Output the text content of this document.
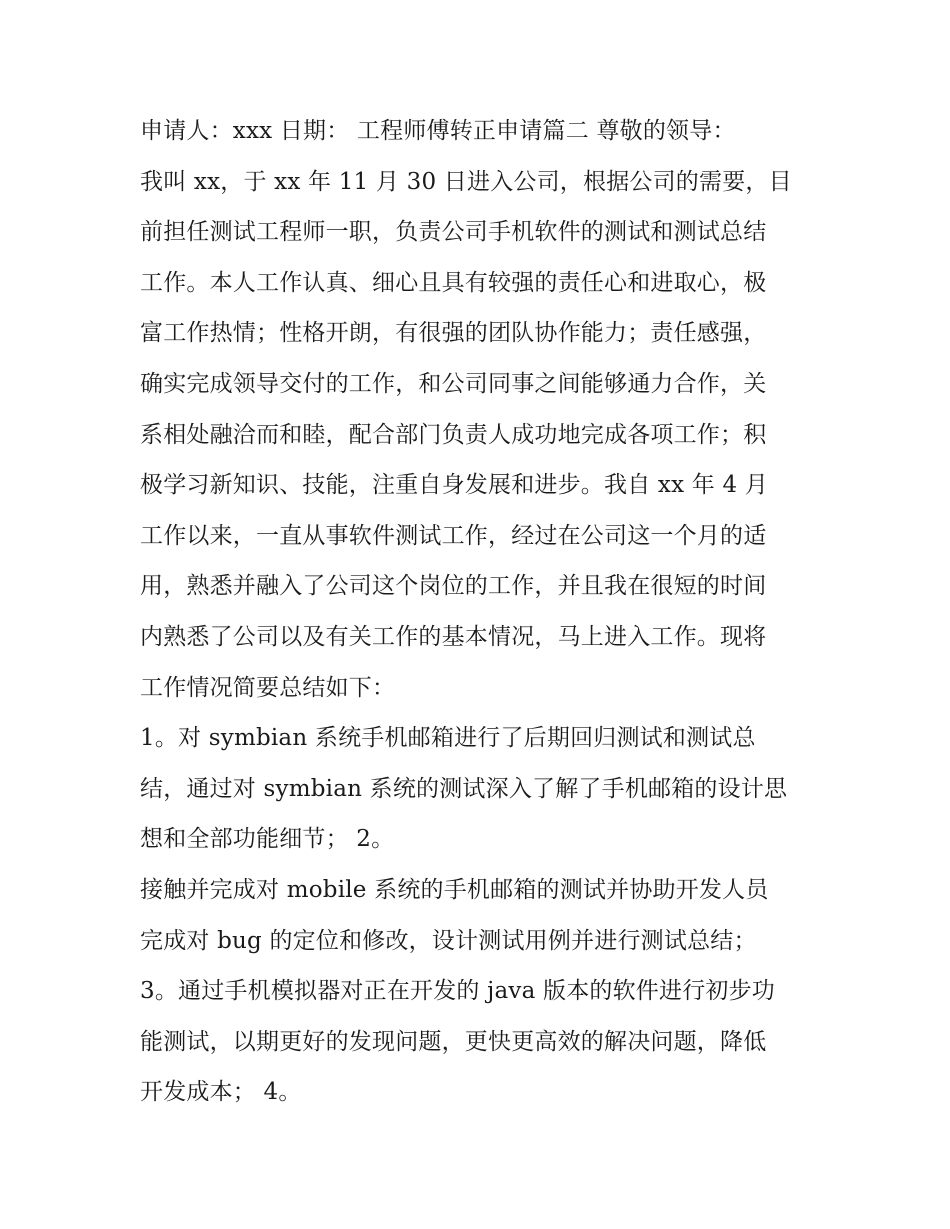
申请人：xxx 日期： 工程师傅转正申请篇二 尊敬的领导：
我叫 xx，于 xx 年 11 月 30 日进入公司，根据公司的需要，目
前担任测试工程师一职，负责公司手机软件的测试和测试总结
工作。本人工作认真、细心且具有较强的责任心和进取心，极
富工作热情；性格开朗，有很强的团队协作能力；责任感强，
确实完成领导交付的工作，和公司同事之间能够通力合作，关
系相处融洽而和睦，配合部门负责人成功地完成各项工作；积
极学习新知识、技能，注重自身发展和进步。我自 xx 年 4 月
工作以来，一直从事软件测试工作，经过在公司这一个月的适
用，熟悉并融入了公司这个岗位的工作，并且我在很短的时间
内熟悉了公司以及有关工作的基本情况，马上进入工作。现将
工作情况简要总结如下：
1。对 symbian 系统手机邮箱进行了后期回归测试和测试总
结，通过对 symbian 系统的测试深入了解了手机邮箱的设计思
想和全部功能细节； 2。
接触并完成对 mobile 系统的手机邮箱的测试并协助开发人员
完成对 bug 的定位和修改，设计测试用例并进行测试总结；
3。通过手机模拟器对正在开发的 java 版本的软件进行初步功
能测试，以期更好的发现问题，更快更高效的解决问题，降低
开发成本； 4。
